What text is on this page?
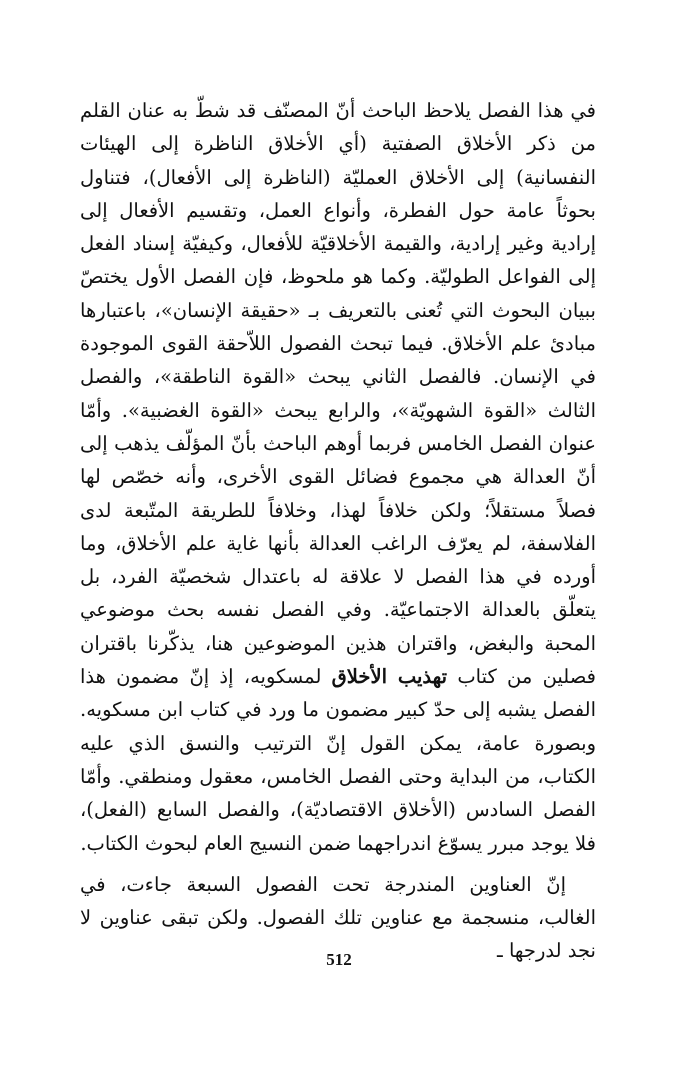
في هذا الفصل يلاحظ الباحث أنّ المصنّف قد شطّ به عنان القلم من ذكر الأخلاق الصفتية (أي الأخلاق الناظرة إلى الهيئات النفسانية) إلى الأخلاق العمليّة (الناظرة إلى الأفعال)، فتناول بحوثاً عامة حول الفطرة، وأنواع العمل، وتقسيم الأفعال إلى إرادية وغير إرادية، والقيمة الأخلاقيّة للأفعال، وكيفيّة إسناد الفعل إلى الفواعل الطوليّة. وكما هو ملحوظ، فإن الفصل الأول يختصّ ببيان البحوث التي تُعنى بالتعريف بـ «حقيقة الإنسان»، باعتبارها مبادئ علم الأخلاق. فيما تبحث الفصول اللاّحقة القوى الموجودة في الإنسان. فالفصل الثاني يبحث «القوة الناطقة»، والفصل الثالث «القوة الشهويّة»، والرابع يبحث «القوة الغضبية». وأمّا عنوان الفصل الخامس فربما أوهم الباحث بأنّ المؤلّف يذهب إلى أنّ العدالة هي مجموع فضائل القوى الأخرى، وأنه خصّص لها فصلاً مستقلاً؛ ولكن خلافاً لهذا، وخلافاً للطريقة المتّبعة لدى الفلاسفة، لم يعرّف الراغب العدالة بأنها غاية علم الأخلاق، وما أورده في هذا الفصل لا علاقة له باعتدال شخصيّة الفرد، بل يتعلّق بالعدالة الاجتماعيّة. وفي الفصل نفسه بحث موضوعي المحبة والبغض، واقتران هذين الموضوعين هنا، يذكّرنا باقتران فصلين من كتاب تهذيب الأخلاق لمسكويه، إذ إنّ مضمون هذا الفصل يشبه إلى حدّ كبير مضمون ما ورد في كتاب ابن مسكويه. وبصورة عامة، يمكن القول إنّ الترتيب والنسق الذي عليه الكتاب، من البداية وحتى الفصل الخامس، معقول ومنطقي. وأمّا الفصل السادس (الأخلاق الاقتصاديّة)، والفصل السابع (الفعل)، فلا يوجد مبرر يسوّغ اندراجهما ضمن النسيج العام لبحوث الكتاب.

إنّ العناوين المندرجة تحت الفصول السبعة جاءت، في الغالب، منسجمة مع عناوين تلك الفصول. ولكن تبقى عناوين لا نجد لدرجها ـ

512
